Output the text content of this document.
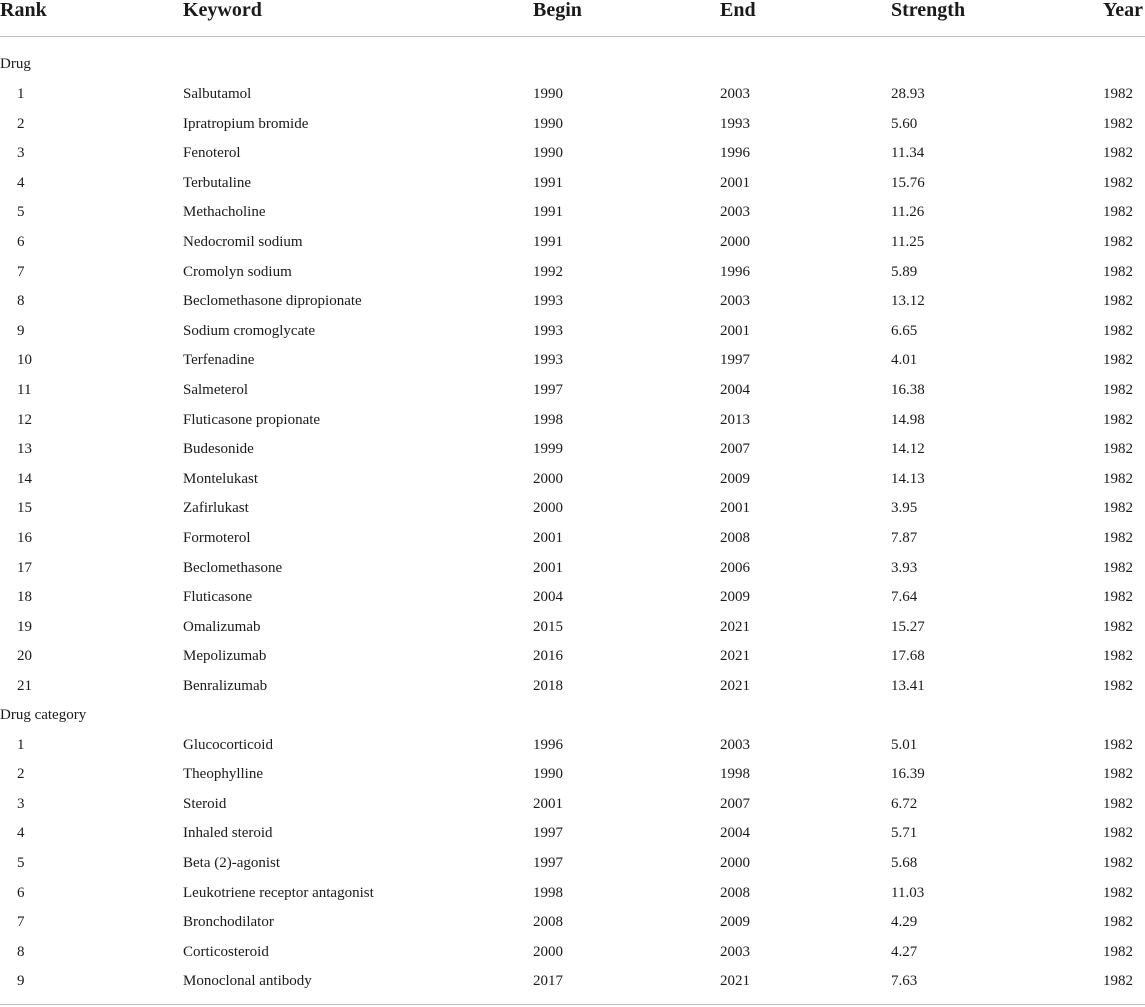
Rank	Keyword	Begin	End	Strength	Year
Drug
1	Salbutamol	1990	2003	28.93	1982
2	Ipratropium bromide	1990	1993	5.60	1982
3	Fenoterol	1990	1996	11.34	1982
4	Terbutaline	1991	2001	15.76	1982
5	Methacholine	1991	2003	11.26	1982
6	Nedocromil sodium	1991	2000	11.25	1982
7	Cromolyn sodium	1992	1996	5.89	1982
8	Beclomethasone dipropionate	1993	2003	13.12	1982
9	Sodium cromoglycate	1993	2001	6.65	1982
10	Terfenadine	1993	1997	4.01	1982
11	Salmeterol	1997	2004	16.38	1982
12	Fluticasone propionate	1998	2013	14.98	1982
13	Budesonide	1999	2007	14.12	1982
14	Montelukast	2000	2009	14.13	1982
15	Zafirlukast	2000	2001	3.95	1982
16	Formoterol	2001	2008	7.87	1982
17	Beclomethasone	2001	2006	3.93	1982
18	Fluticasone	2004	2009	7.64	1982
19	Omalizumab	2015	2021	15.27	1982
20	Mepolizumab	2016	2021	17.68	1982
21	Benralizumab	2018	2021	13.41	1982
Drug category
1	Glucocorticoid	1996	2003	5.01	1982
2	Theophylline	1990	1998	16.39	1982
3	Steroid	2001	2007	6.72	1982
4	Inhaled steroid	1997	2004	5.71	1982
5	Beta (2)-agonist	1997	2000	5.68	1982
6	Leukotriene receptor antagonist	1998	2008	11.03	1982
7	Bronchodilator	2008	2009	4.29	1982
8	Corticosteroid	2000	2003	4.27	1982
9	Monoclonal antibody	2017	2021	7.63	1982
